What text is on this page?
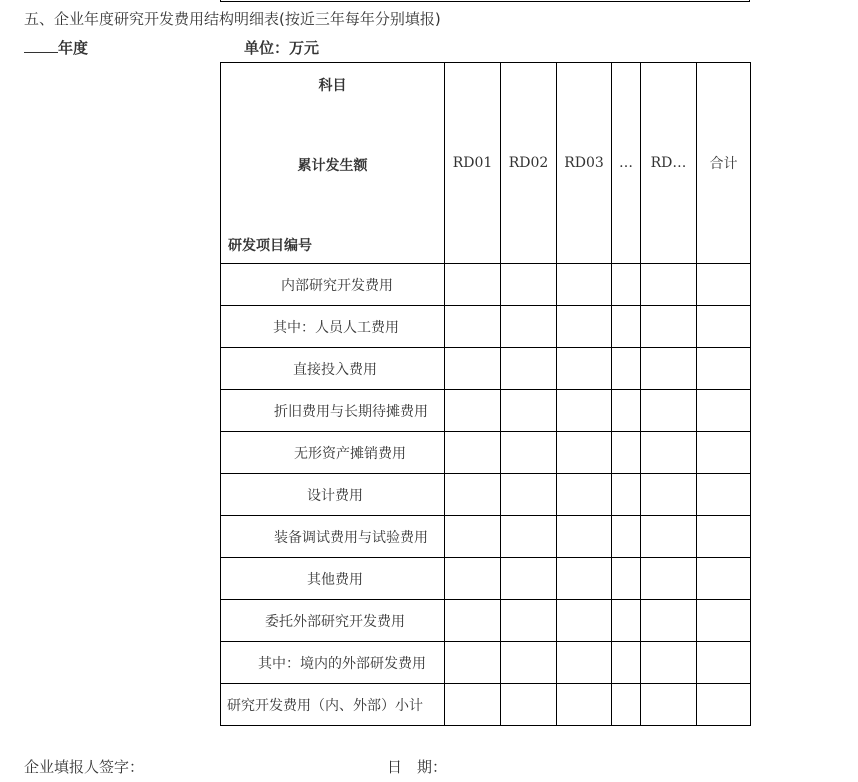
五、企业年度研究开发费用结构明细表(按近三年每年分别填报)
年度	单位：万元
科目
累计发生额
研发项目编号	RD01	RD02	RD03	…	RD…	合计
内部研究开发费用						
其中：人员人工费用						
直接投入费用						
折旧费用与长期待摊费用						
无形资产摊销费用						
设计费用						
装备调试费用与试验费用						
其他费用						
委托外部研究开发费用						
其中：境内的外部研发费用						
研究开发费用（内、外部）小计						
企业填报人签字：	日　期：
